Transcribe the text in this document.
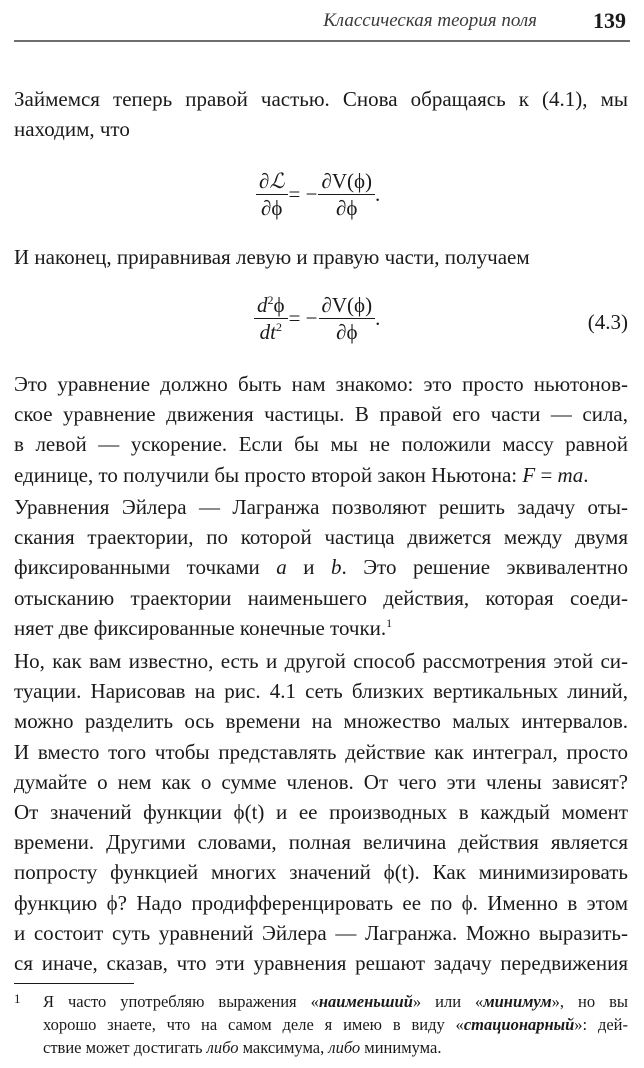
Классическая теория поля	139
Займемся теперь правой частью. Снова обращаясь к (4.1), мы
находим, что
$\frac{\text{∂ℒ}}{\partial\phi}$ = − $\frac{\partial V(\phi)}{\partial\phi}$ .
И наконец, приравнивая левую и правую части, получаем
$\frac{d^2\phi}{dt^2}$ = − $\frac{\partial V(\phi)}{\partial\phi}$ .	(4.3)
Это уравнение должно быть нам знакомо: это просто ньютонов-
ское уравнение движения частицы. В правой его части — сила,
в левой — ускорение. Если бы мы не положили массу равной
единице, то получили бы просто второй закон Ньютона: F = ma.
Уравнения Эйлера — Лагранжа позволяют решить задачу оты-
скания траектории, по которой частица движется между двумя
фиксированными точками a и b. Это решение эквивалентно
отысканию траектории наименьшего действия, которая соеди-
няет две фиксированные конечные точки.$^1$
Но, как вам известно, есть и другой способ рассмотрения этой си-
туации. Нарисовав на рис. 4.1 сеть близких вертикальных линий,
можно разделить ось времени на множество малых интервалов.
И вместо того чтобы представлять действие как интеграл, просто
думайте о нем как о сумме членов. От чего эти члены зависят?
От значений функции ϕ(t) и ее производных в каждый момент
времени. Другими словами, полная величина действия является
попросту функцией многих значений ϕ(t). Как минимизировать
функцию ϕ? Надо продифференцировать ее по ϕ. Именно в этом
и состоит суть уравнений Эйлера — Лагранжа. Можно выразить-
ся иначе, сказав, что эти уравнения решают задачу передвижения
1 Я часто употребляю выражения «наименьший» или «минимум», но вы
хорошо знаете, что на самом деле я имею в виду «стационарный»: дей-
ствие может достигать либо максимума, либо минимума.
